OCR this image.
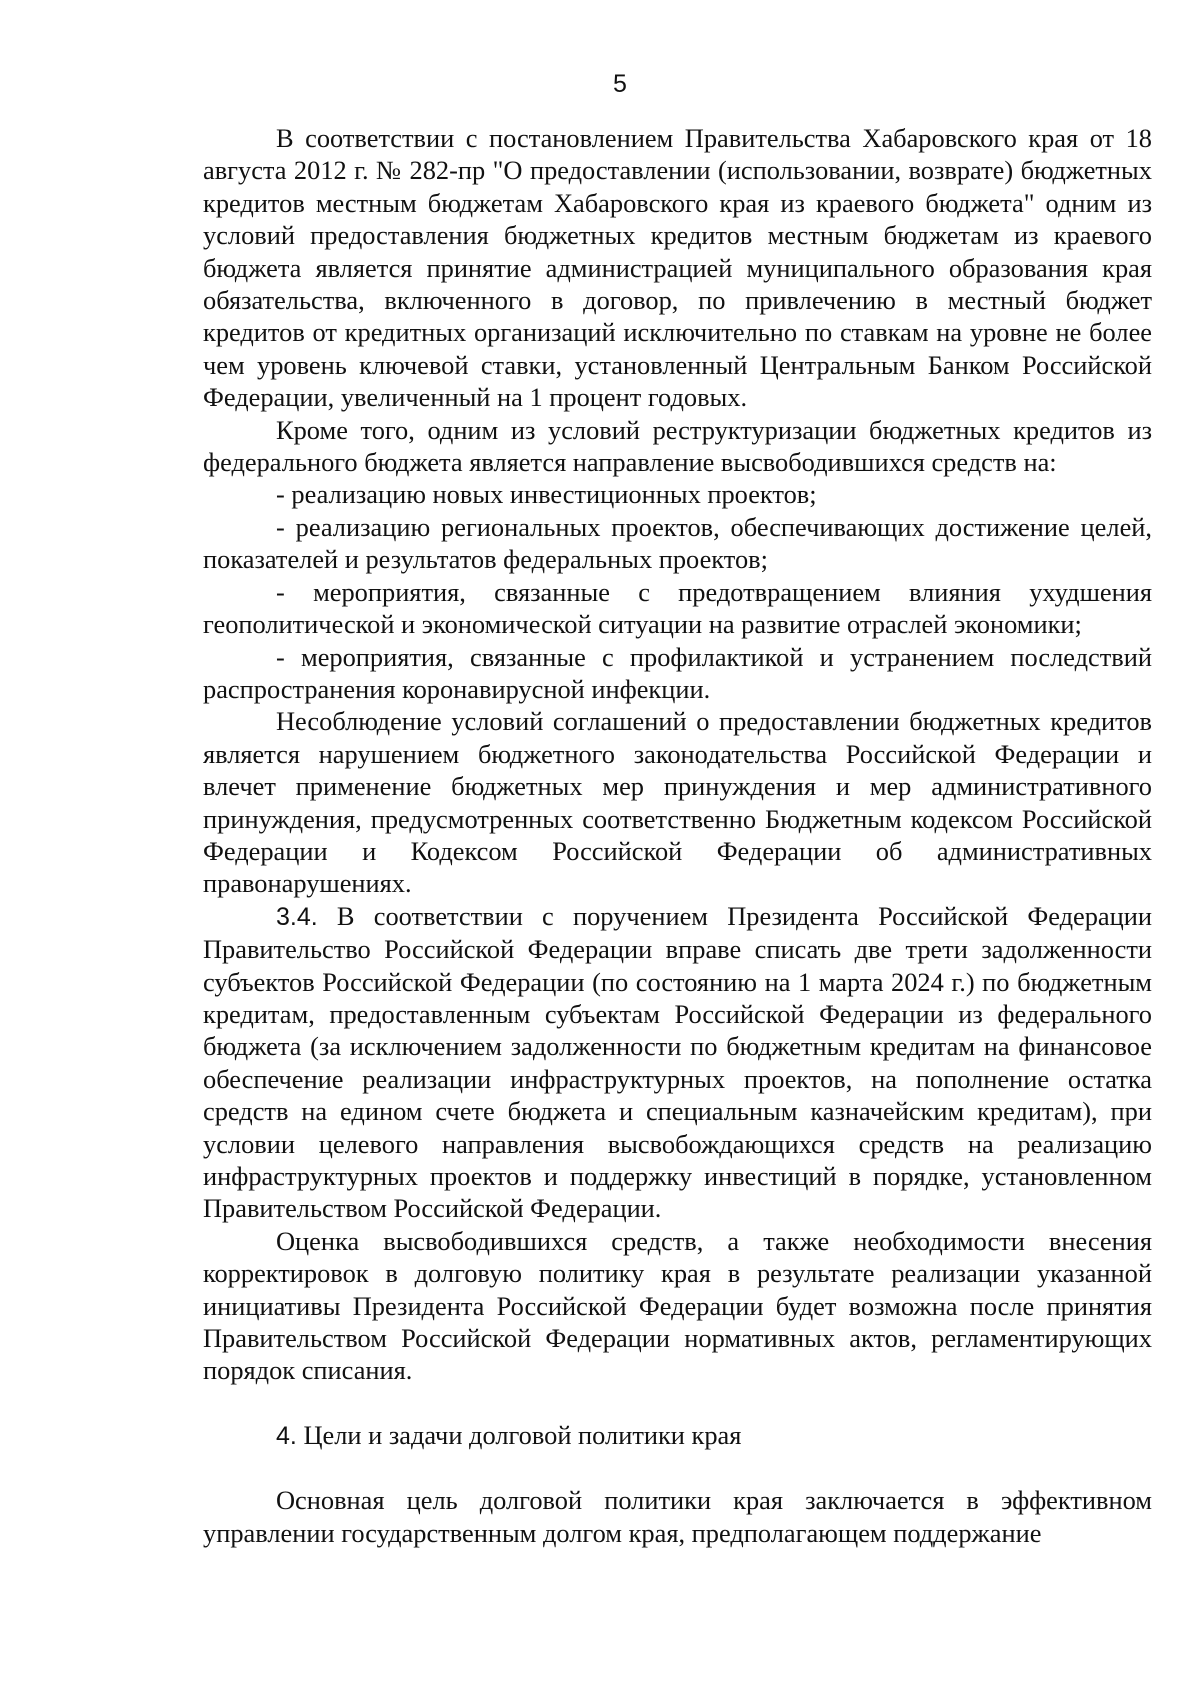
5

В соответствии с постановлением Правительства Хабаровского края от 18 августа 2012 г. № 282-пр "О предоставлении (использовании, возврате) бюджетных кредитов местным бюджетам Хабаровского края из краевого бюджета" одним из условий предоставления бюджетных кредитов местным бюджетам из краевого бюджета является принятие администрацией муниципального образования края обязательства, включенного в договор, по привлечению в местный бюджет кредитов от кредитных организаций исключительно по ставкам на уровне не более чем уровень ключевой ставки, установленный Центральным Банком Российской Федерации, увеличенный на 1 процент годовых.

Кроме того, одним из условий реструктуризации бюджетных кредитов из федерального бюджета является направление высвободившихся средств на:

- реализацию новых инвестиционных проектов;

- реализацию региональных проектов, обеспечивающих достижение целей, показателей и результатов федеральных проектов;

- мероприятия, связанные с предотвращением влияния ухудшения геополитической и экономической ситуации на развитие отраслей экономики;

- мероприятия, связанные с профилактикой и устранением последствий распространения коронавирусной инфекции.

Несоблюдение условий соглашений о предоставлении бюджетных кредитов является нарушением бюджетного законодательства Российской Федерации и влечет применение бюджетных мер принуждения и мер административного принуждения, предусмотренных соответственно Бюджетным кодексом Российской Федерации и Кодексом Российской Федерации об административных правонарушениях.

3.4. В соответствии с поручением Президента Российской Федерации Правительство Российской Федерации вправе списать две трети задолженности субъектов Российской Федерации (по состоянию на 1 марта 2024 г.) по бюджетным кредитам, предоставленным субъектам Российской Федерации из федерального бюджета (за исключением задолженности по бюджетным кредитам на финансовое обеспечение реализации инфраструктурных проектов, на пополнение остатка средств на едином счете бюджета и специальным казначейским кредитам), при условии целевого направления высвобождающихся средств на реализацию инфраструктурных проектов и поддержку инвестиций в порядке, установленном Правительством Российской Федерации.

Оценка высвободившихся средств, а также необходимости внесения корректировок в долговую политику края в результате реализации указанной инициативы Президента Российской Федерации будет возможна после принятия Правительством Российской Федерации нормативных актов, регламентирующих порядок списания.

4. Цели и задачи долговой политики края

Основная цель долговой политики края заключается в эффективном управлении государственным долгом края, предполагающем поддержание
